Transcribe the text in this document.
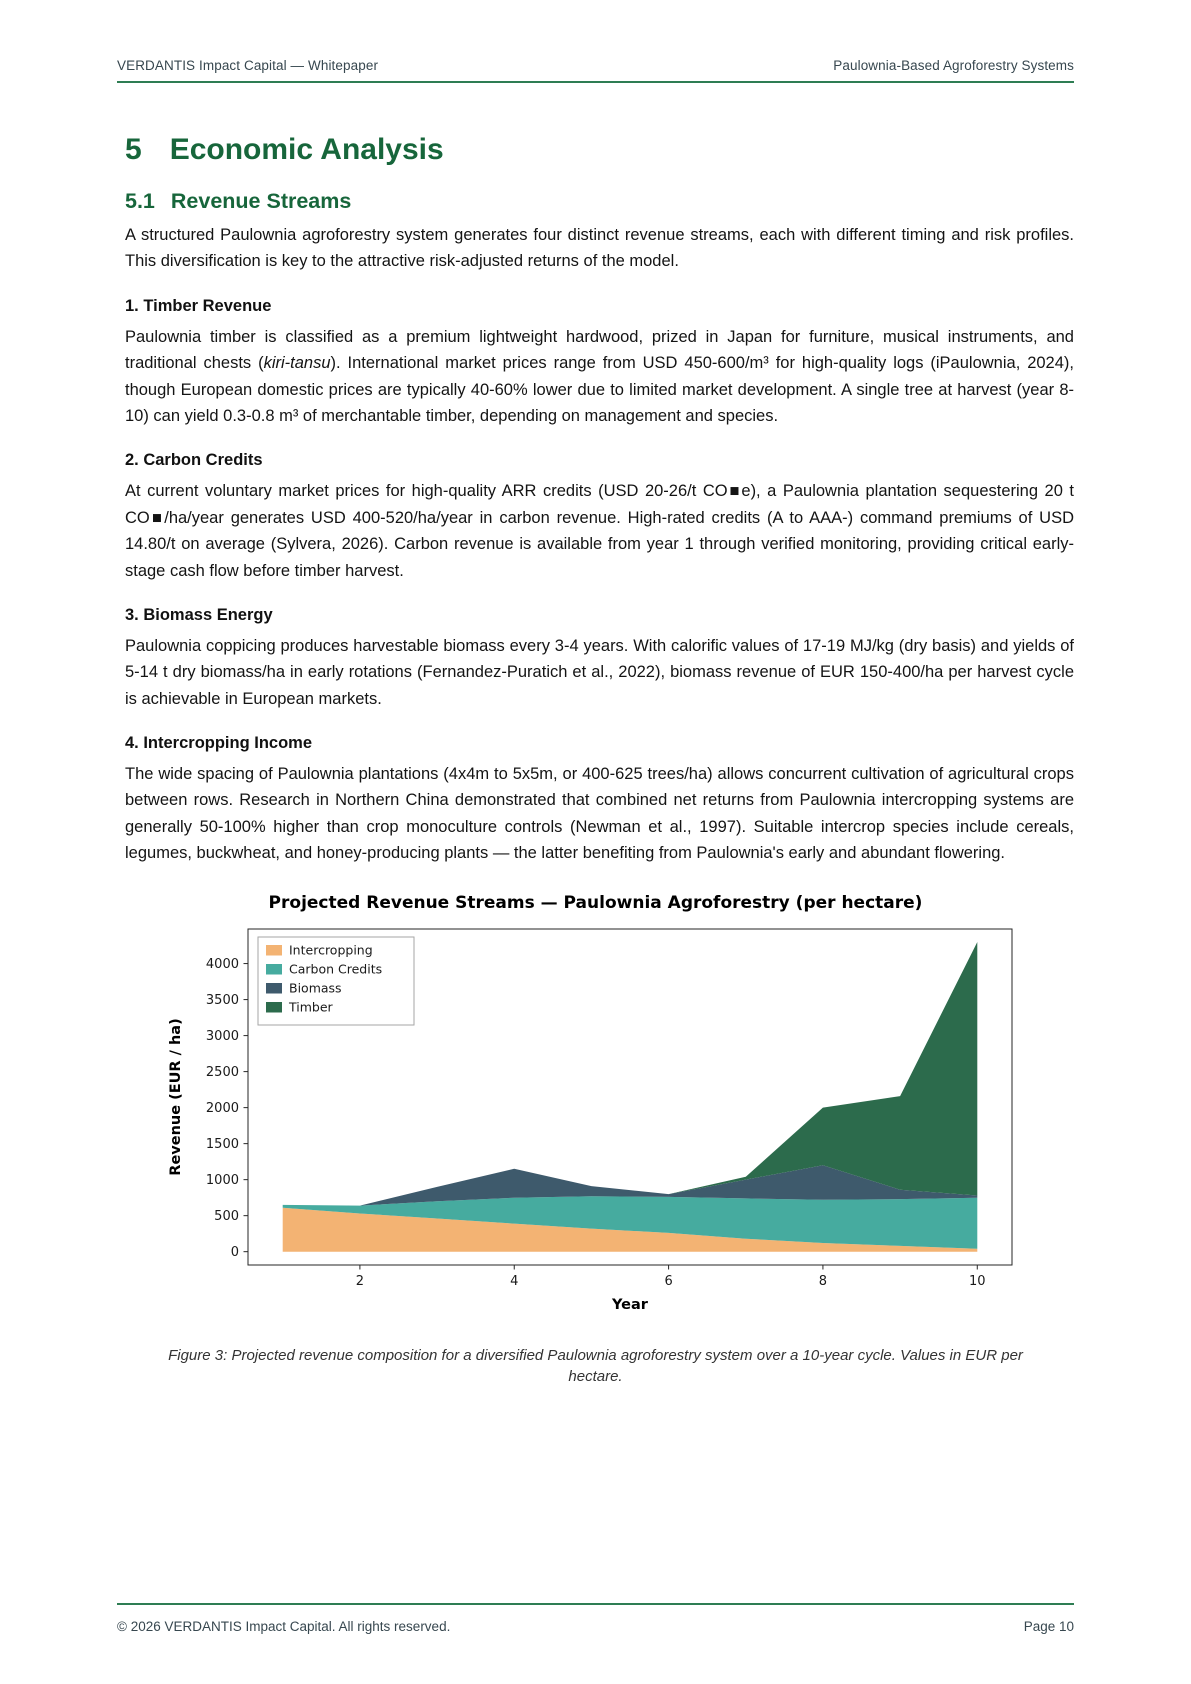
VERDANTIS Impact Capital — Whitepaper	Paulownia-Based Agroforestry Systems
5 Economic Analysis
5.1 Revenue Streams

A structured Paulownia agroforestry system generates four distinct revenue streams, each with different timing and risk profiles. This diversification is key to the attractive risk-adjusted returns of the model.

1. Timber Revenue

Paulownia timber is classified as a premium lightweight hardwood, prized in Japan for furniture, musical instruments, and traditional chests (kiri-tansu). International market prices range from USD 450-600/m³ for high-quality logs (iPaulownia, 2024), though European domestic prices are typically 40-60% lower due to limited market development. A single tree at harvest (year 8-10) can yield 0.3-0.8 m³ of merchantable timber, depending on management and species.

2. Carbon Credits

At current voluntary market prices for high-quality ARR credits (USD 20-26/t CO■e), a Paulownia plantation sequestering 20 t CO■/ha/year generates USD 400-520/ha/year in carbon revenue. High-rated credits (A to AAA-) command premiums of USD 14.80/t on average (Sylvera, 2026). Carbon revenue is available from year 1 through verified monitoring, providing critical early-stage cash flow before timber harvest.

3. Biomass Energy

Paulownia coppicing produces harvestable biomass every 3-4 years. With calorific values of 17-19 MJ/kg (dry basis) and yields of 5-14 t dry biomass/ha in early rotations (Fernandez-Puratich et al., 2022), biomass revenue of EUR 150-400/ha per harvest cycle is achievable in European markets.

4. Intercropping Income

The wide spacing of Paulownia plantations (4x4m to 5x5m, or 400-625 trees/ha) allows concurrent cultivation of agricultural crops between rows. Research in Northern China demonstrated that combined net returns from Paulownia intercropping systems are generally 50-100% higher than crop monoculture controls (Newman et al., 1997). Suitable intercrop species include cereals, legumes, buckwheat, and honey-producing plants — the latter benefiting from Paulownia's early and abundant flowering.

Projected Revenue Streams — Paulownia Agroforestry (per hectare)
0
500
1000
1500
2000
2500
3000
3500
4000
2	4	6	8	10
Year
Revenue (EUR / ha)
Intercropping
Carbon Credits
Biomass
Timber
Figure 3: Projected revenue composition for a diversified Paulownia agroforestry system over a 10-year cycle. Values in EUR per hectare.
© 2026 VERDANTIS Impact Capital. All rights reserved.	Page 10
